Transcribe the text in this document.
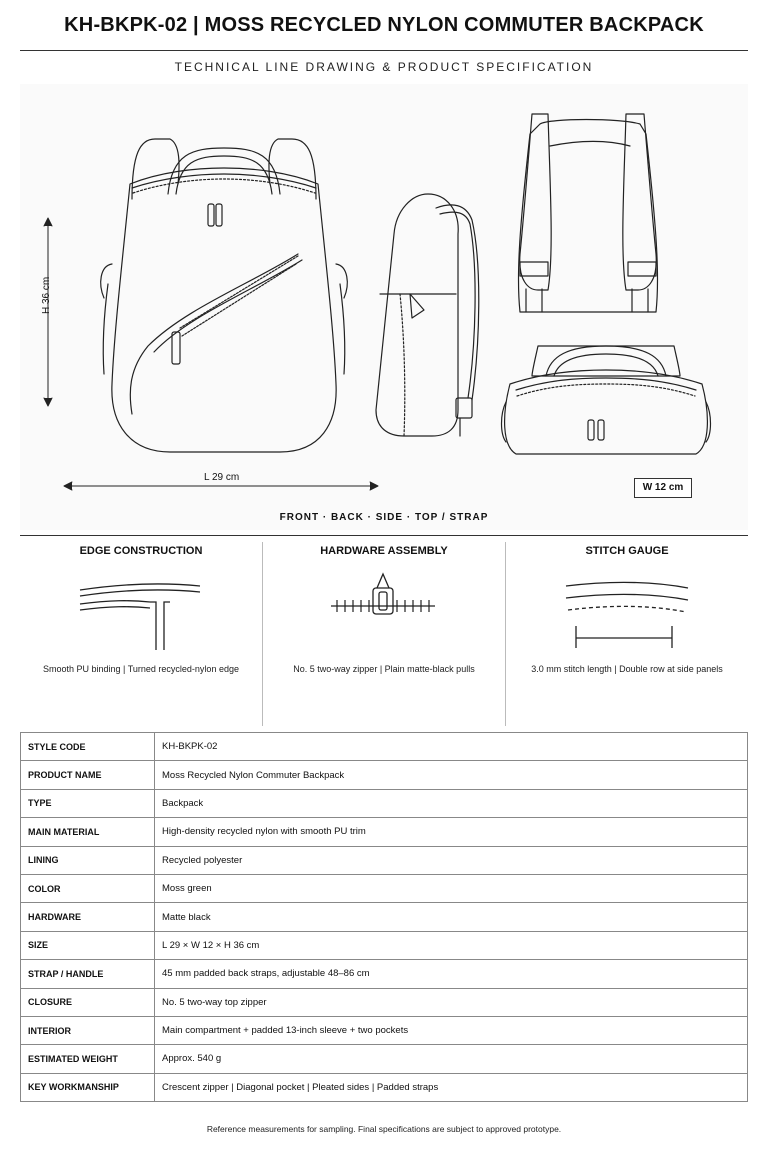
KH-BKPK-02 | MOSS RECYCLED NYLON COMMUTER BACKPACK
TECHNICAL LINE DRAWING & PRODUCT SPECIFICATION
H 36 cm
L 29 cm
W 12 cm
FRONT · BACK · SIDE · TOP / STRAP
EDGE CONSTRUCTION
Smooth PU binding | Turned recycled-nylon edge
HARDWARE ASSEMBLY
No. 5 two-way zipper | Plain matte-black pulls
STITCH GAUGE
3.0 mm stitch length | Double row at side panels
STYLE CODE	KH-BKPK-02
PRODUCT NAME	Moss Recycled Nylon Commuter Backpack
TYPE	Backpack
MAIN MATERIAL	High-density recycled nylon with smooth PU trim
LINING	Recycled polyester
COLOR	Moss green
HARDWARE	Matte black
SIZE	L 29 × W 12 × H 36 cm
STRAP / HANDLE	45 mm padded back straps, adjustable 48–86 cm
CLOSURE	No. 5 two-way top zipper
INTERIOR	Main compartment + padded 13-inch sleeve + two pockets
ESTIMATED WEIGHT	Approx. 540 g
KEY WORKMANSHIP	Crescent zipper | Diagonal pocket | Pleated sides | Padded straps
Reference measurements for sampling. Final specifications are subject to approved prototype.
